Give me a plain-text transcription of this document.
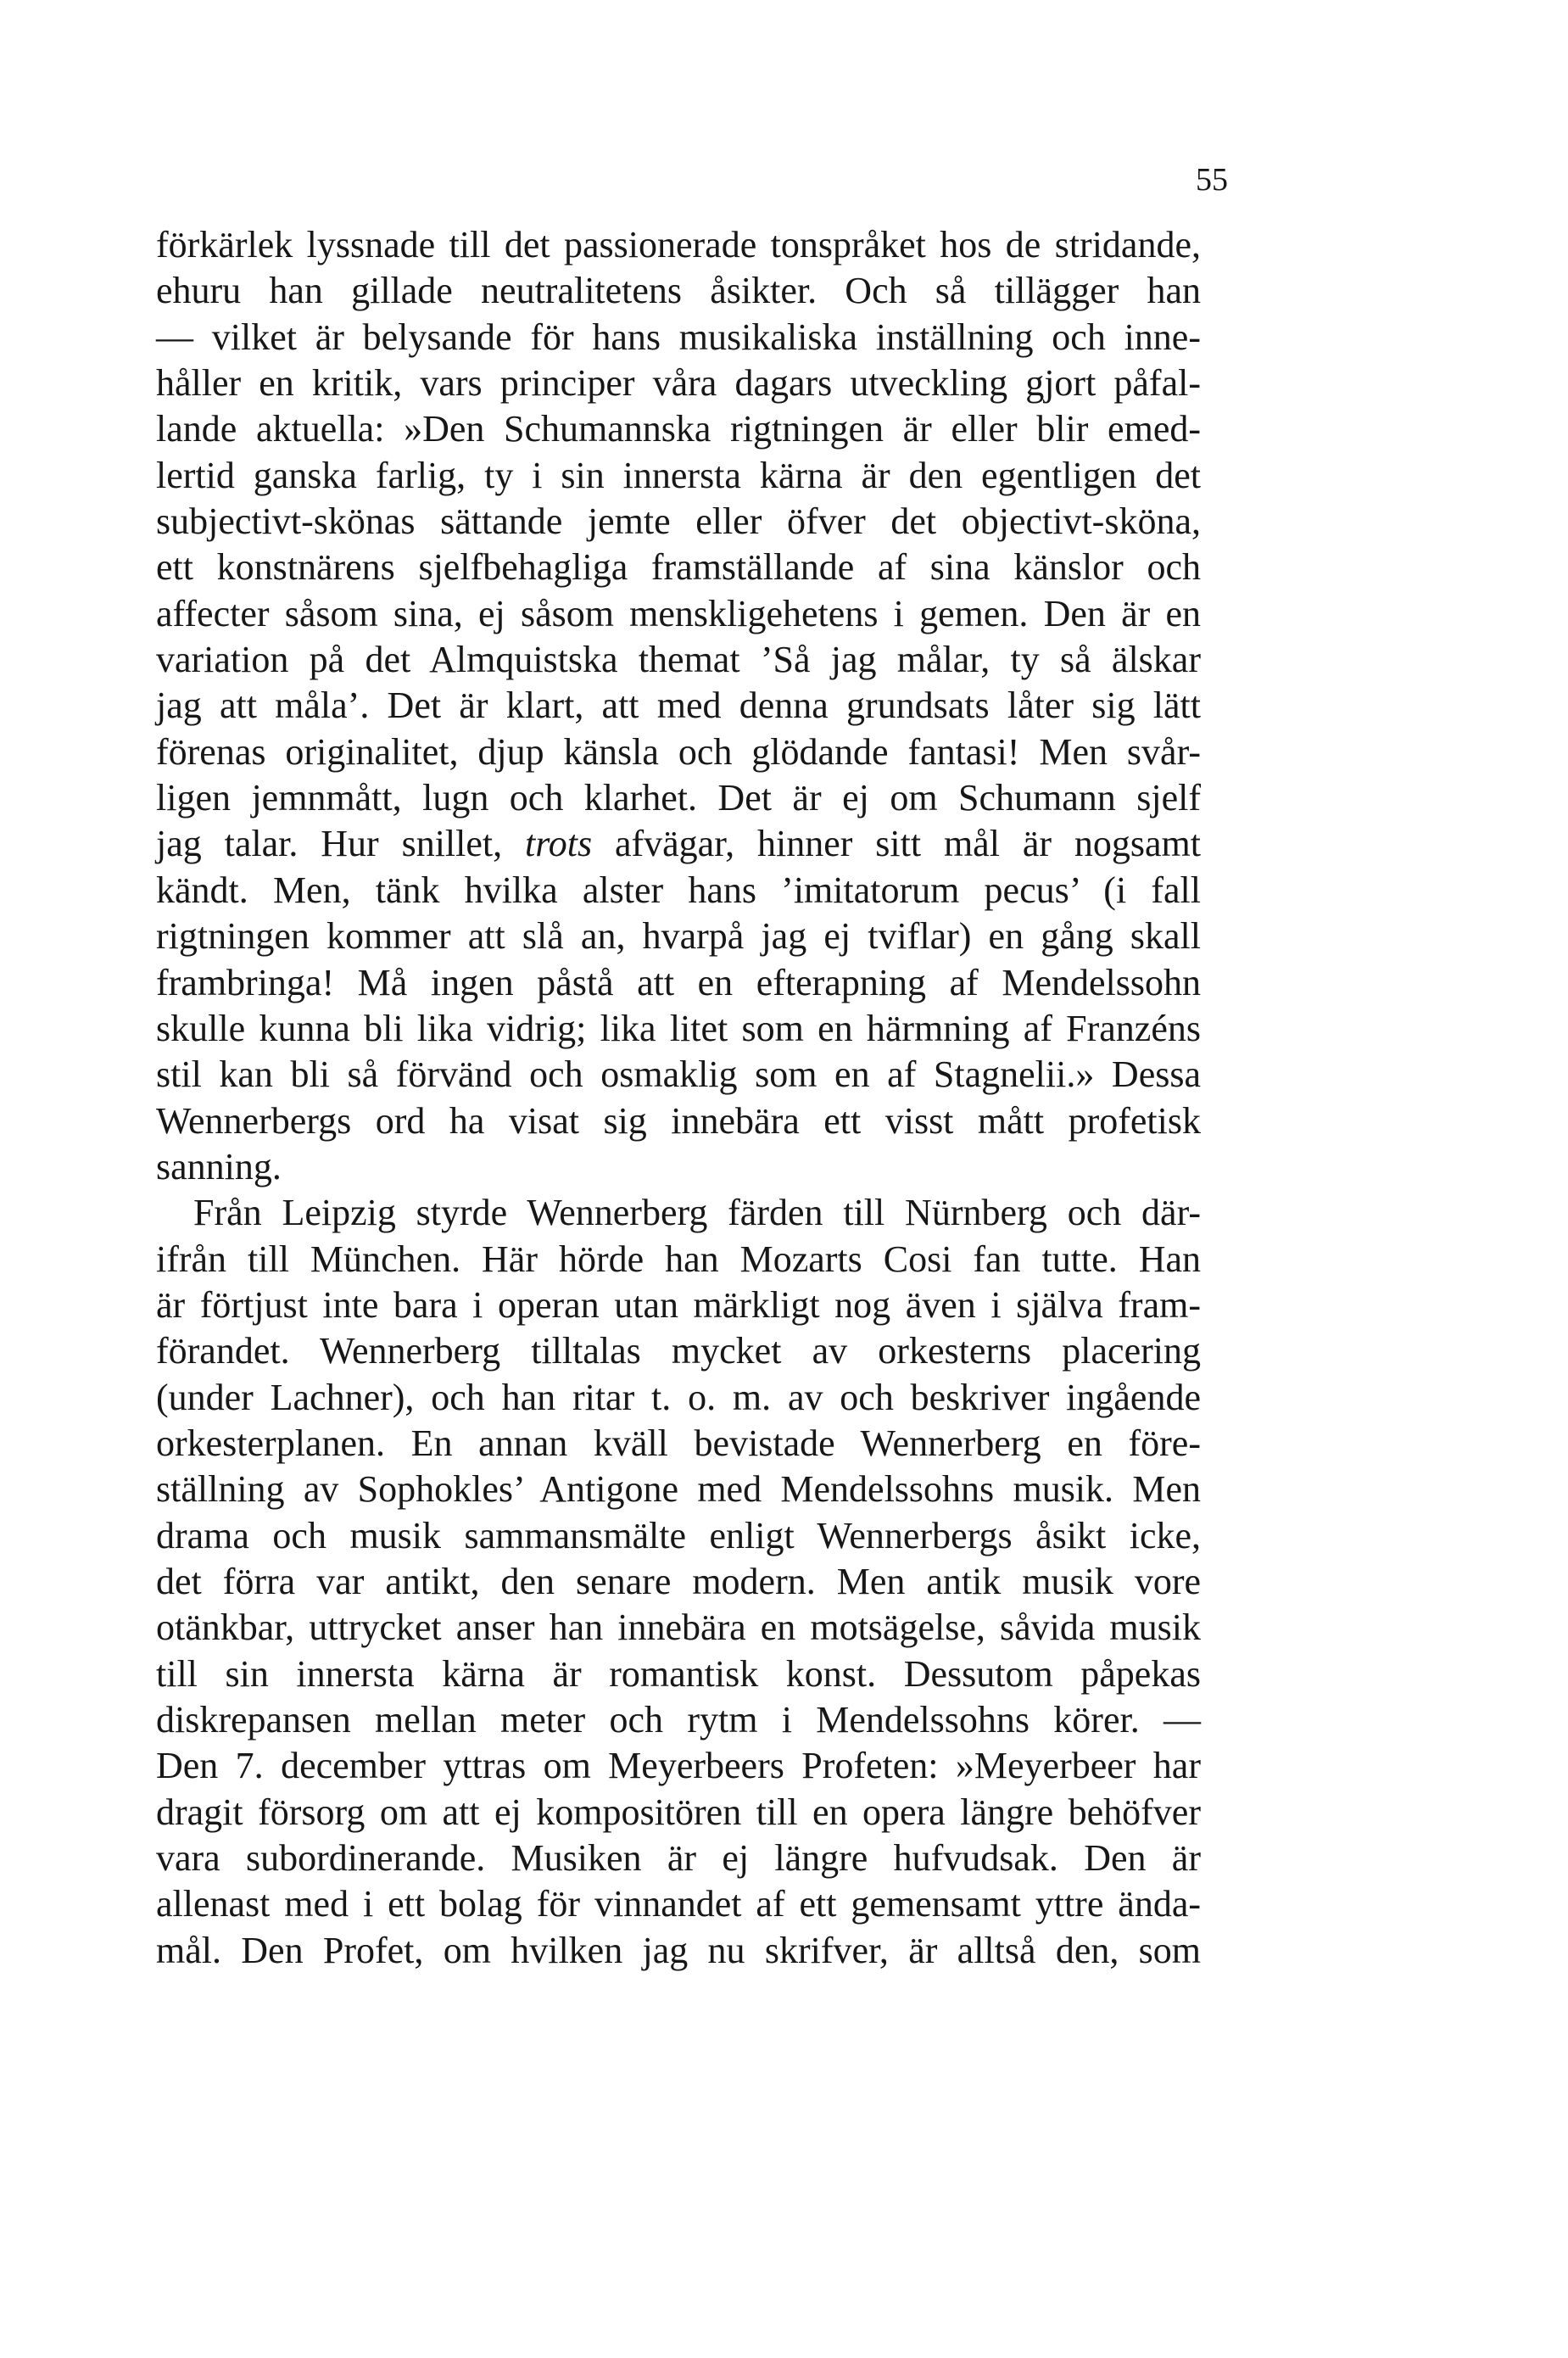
55
förkärlek lyssnade till det passionerade tonspråket hos de stridande,
ehuru han gillade neutralitetens åsikter. Och så tillägger han
— vilket är belysande för hans musikaliska inställning och inne-
håller en kritik, vars principer våra dagars utveckling gjort påfal-
lande aktuella: »Den Schumannska rigtningen är eller blir emed-
lertid ganska farlig, ty i sin innersta kärna är den egentligen det
subjectivt-skönas sättande jemte eller öfver det objectivt-sköna,
ett konstnärens sjelfbehagliga framställande af sina känslor och
affecter såsom sina, ej såsom menskligehetens i gemen. Den är en
variation på det Almquistska themat ’Så jag målar, ty så älskar
jag att måla’. Det är klart, att med denna grundsats låter sig lätt
förenas originalitet, djup känsla och glödande fantasi! Men svår-
ligen jemnmått, lugn och klarhet. Det är ej om Schumann sjelf
jag talar. Hur snillet, trots afvägar, hinner sitt mål är nogsamt
kändt. Men, tänk hvilka alster hans ’imitatorum pecus’ (i fall
rigtningen kommer att slå an, hvarpå jag ej tviflar) en gång skall
frambringa! Må ingen påstå att en efterapning af Mendelssohn
skulle kunna bli lika vidrig; lika litet som en härmning af Franzéns
stil kan bli så förvänd och osmaklig som en af Stagnelii.» Dessa
Wennerbergs ord ha visat sig innebära ett visst mått profetisk
sanning.
Från Leipzig styrde Wennerberg färden till Nürnberg och där-
ifrån till München. Här hörde han Mozarts Cosi fan tutte. Han
är förtjust inte bara i operan utan märkligt nog även i själva fram-
förandet. Wennerberg tilltalas mycket av orkesterns placering
(under Lachner), och han ritar t. o. m. av och beskriver ingående
orkesterplanen. En annan kväll bevistade Wennerberg en före-
ställning av Sophokles’ Antigone med Mendelssohns musik. Men
drama och musik sammansmälte enligt Wennerbergs åsikt icke,
det förra var antikt, den senare modern. Men antik musik vore
otänkbar, uttrycket anser han innebära en motsägelse, såvida musik
till sin innersta kärna är romantisk konst. Dessutom påpekas
diskrepansen mellan meter och rytm i Mendelssohns körer. —
Den 7. december yttras om Meyerbeers Profeten: »Meyerbeer har
dragit försorg om att ej kompositören till en opera längre behöfver
vara subordinerande. Musiken är ej längre hufvudsak. Den är
allenast med i ett bolag för vinnandet af ett gemensamt yttre ända-
mål. Den Profet, om hvilken jag nu skrifver, är alltså den, som
